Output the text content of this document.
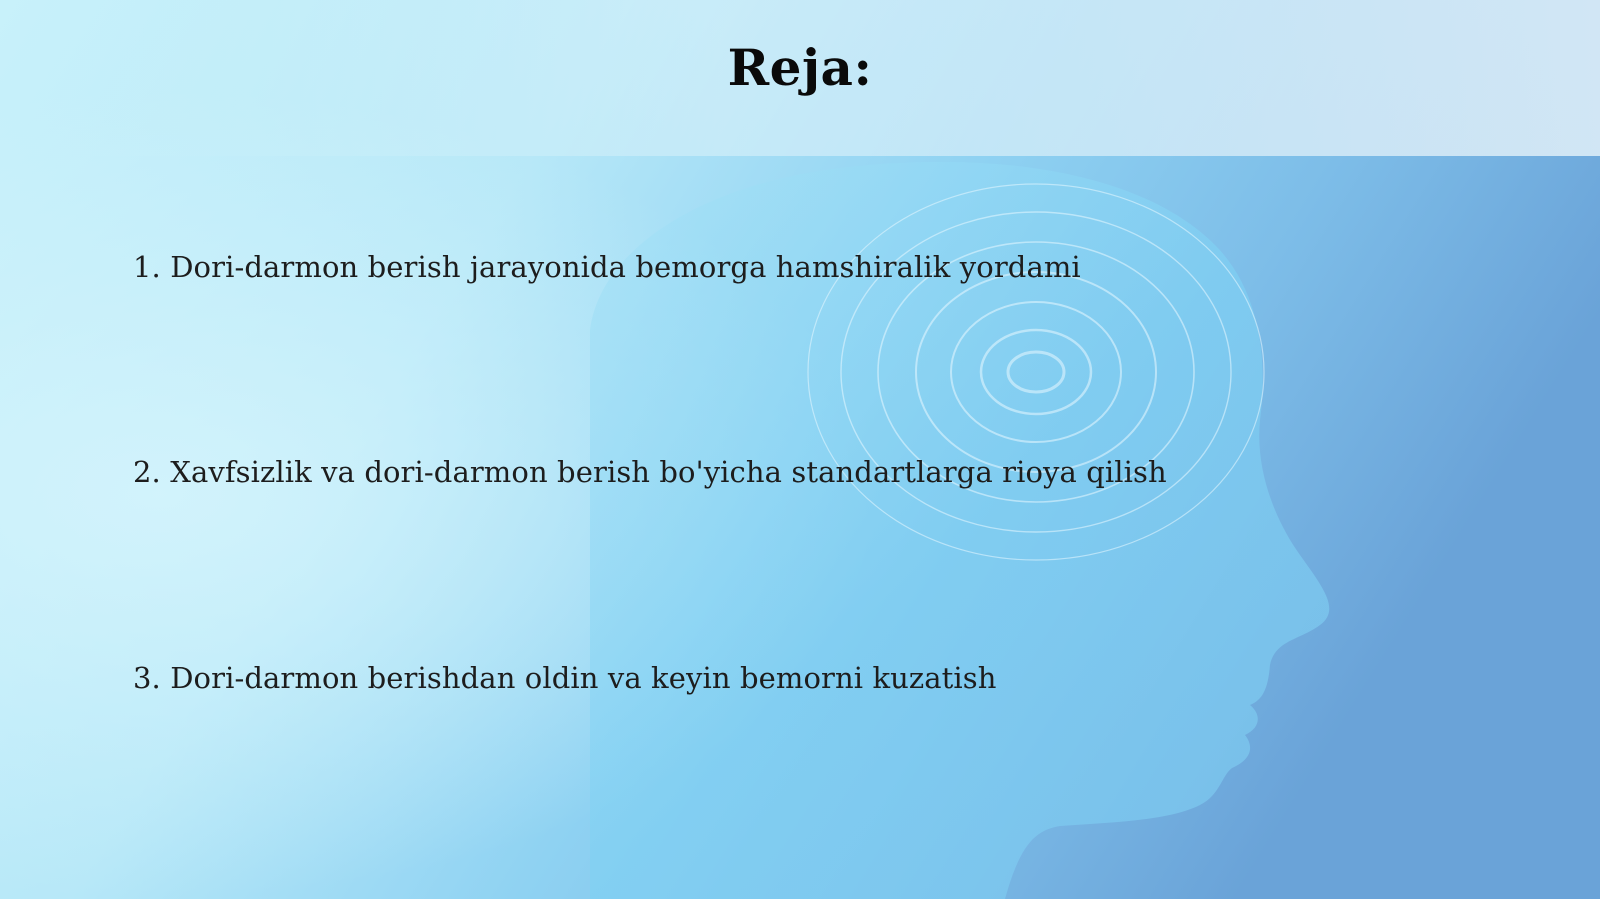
Reja:
1. Dori-darmon berish jarayonida bemorga hamshiralik yordami
2. Xavfsizlik va dori-darmon berish bo'yicha standartlarga rioya qilish
3. Dori-darmon berishdan oldin va keyin bemorni kuzatish
